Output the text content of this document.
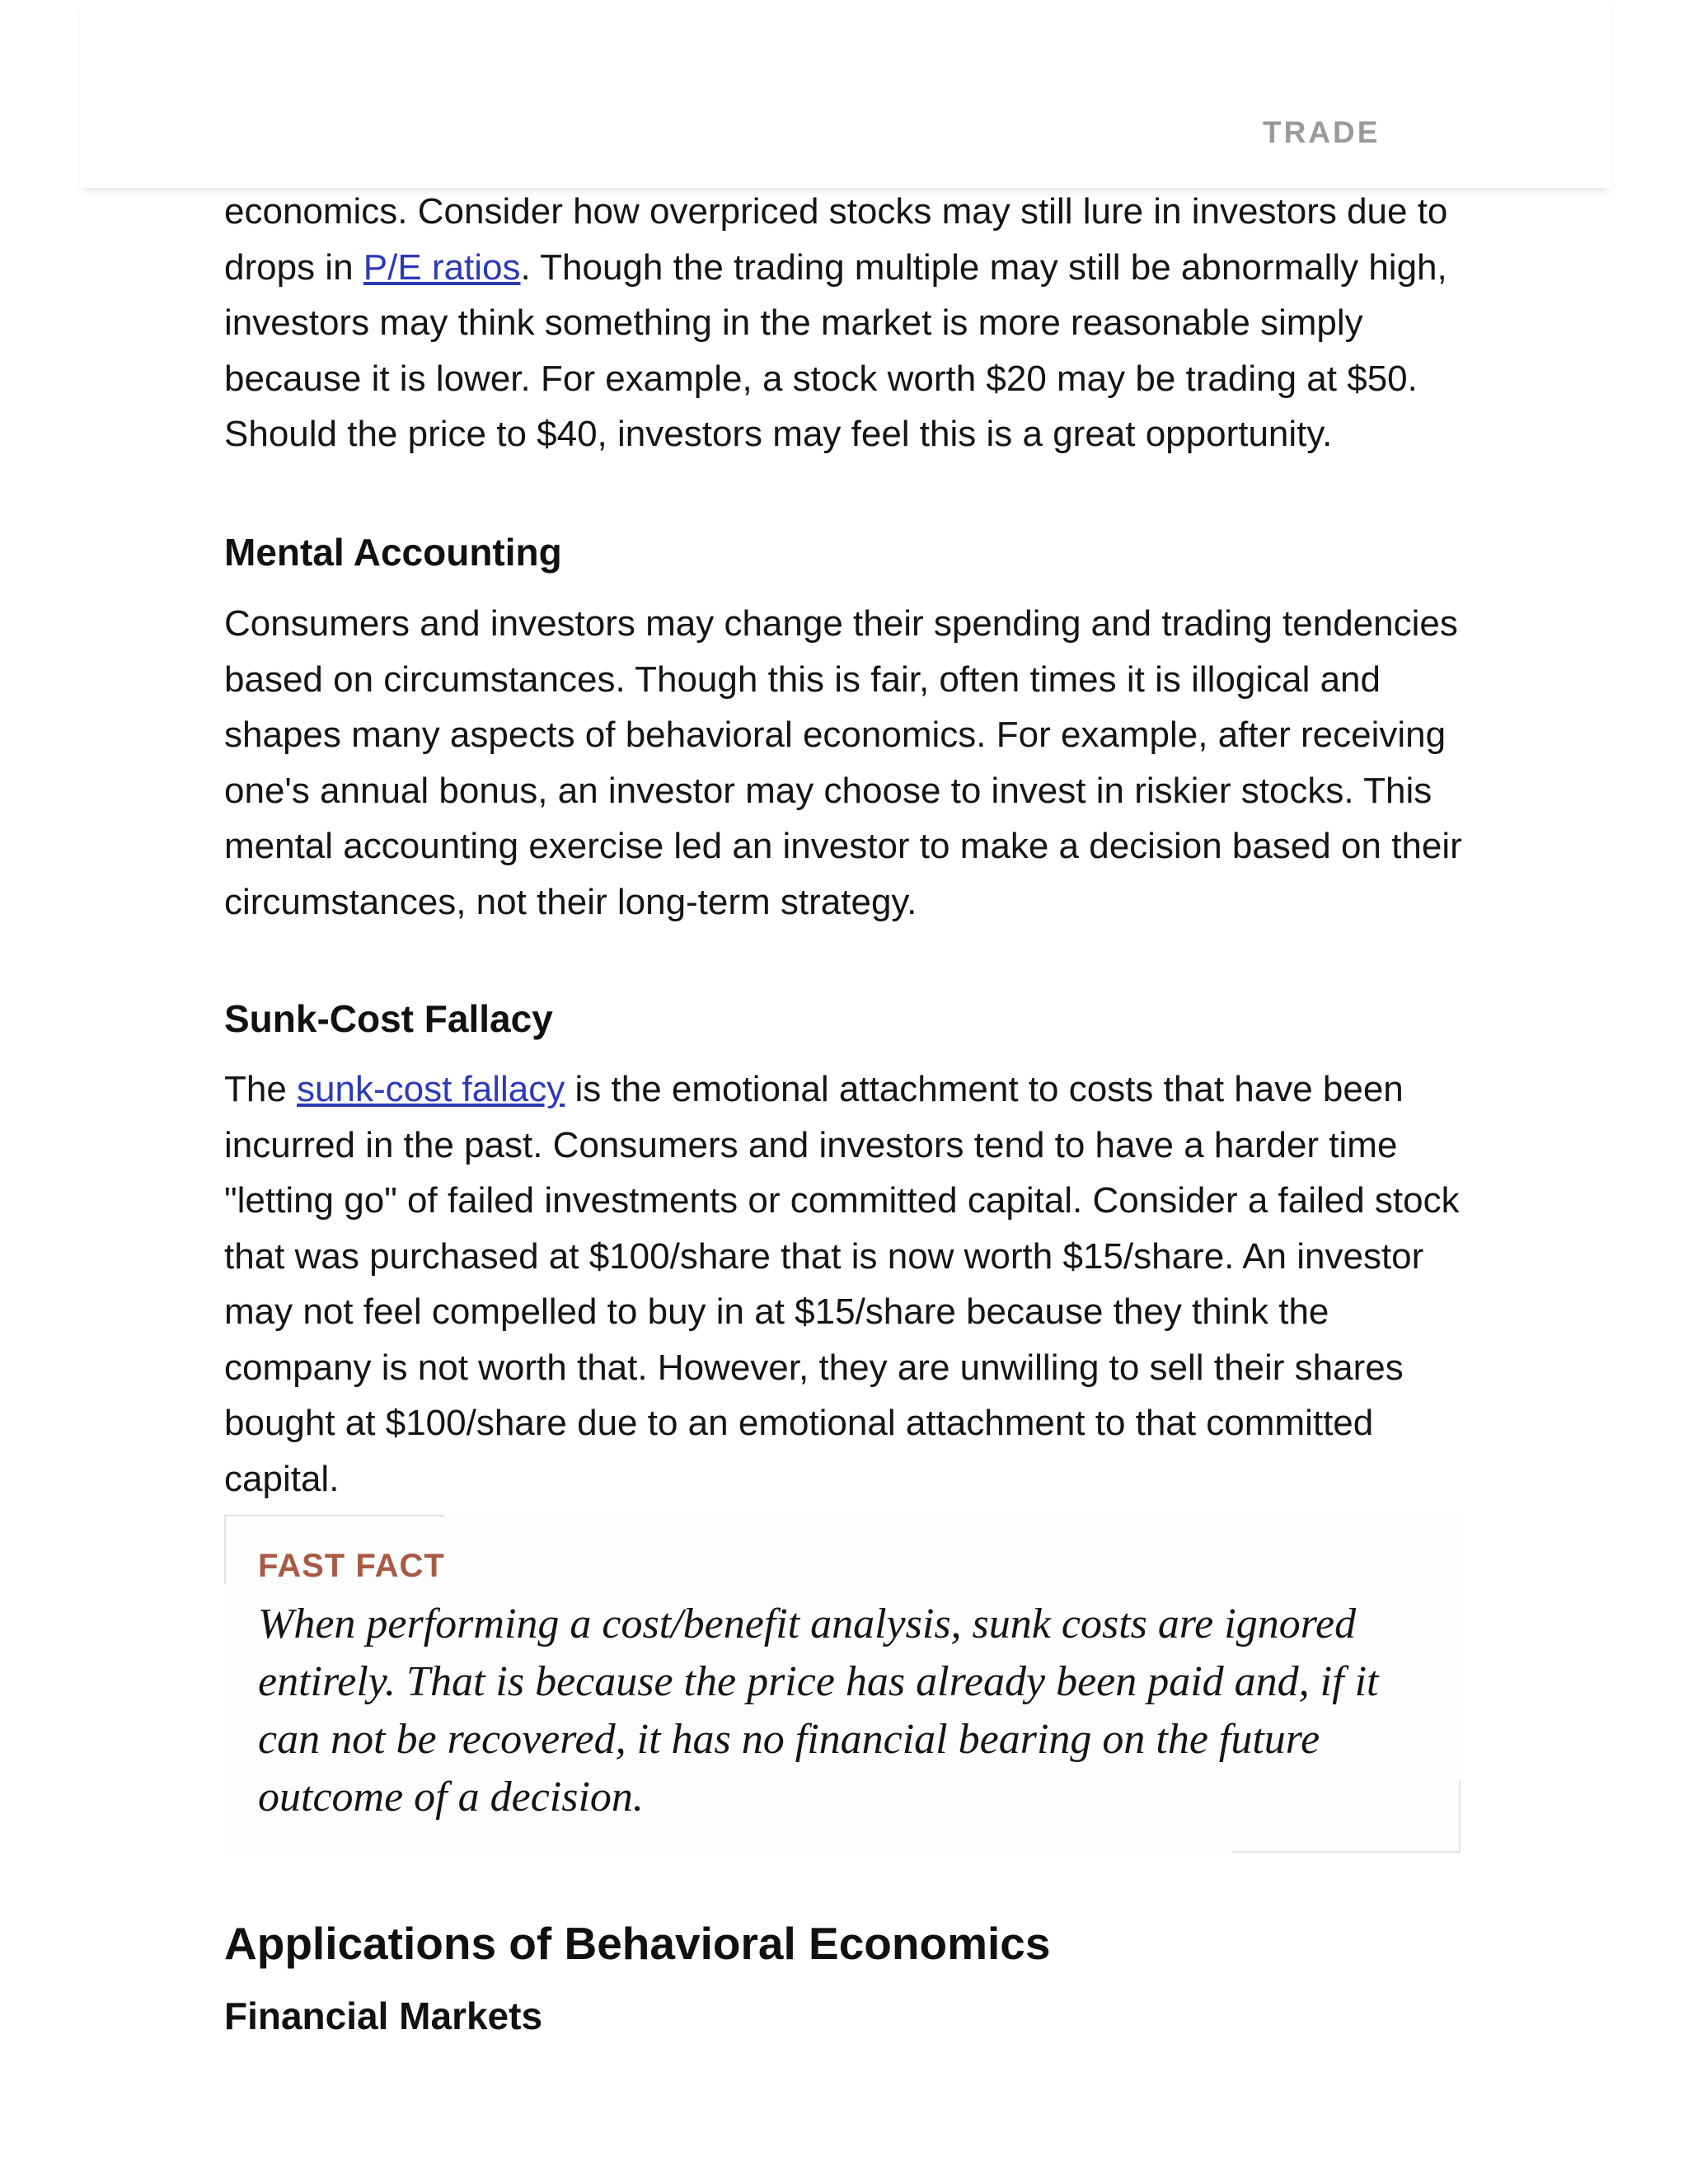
TRADE

economics. Consider how overpriced stocks may still lure in investors due to drops in P/E ratios. Though the trading multiple may still be abnormally high, investors may think something in the market is more reasonable simply because it is lower. For example, a stock worth $20 may be trading at $50. Should the price to $40, investors may feel this is a great opportunity.

Mental Accounting

Consumers and investors may change their spending and trading tendencies based on circumstances. Though this is fair, often times it is illogical and shapes many aspects of behavioral economics. For example, after receiving one's annual bonus, an investor may choose to invest in riskier stocks. This mental accounting exercise led an investor to make a decision based on their circumstances, not their long-term strategy.

Sunk-Cost Fallacy

The sunk-cost fallacy is the emotional attachment to costs that have been incurred in the past. Consumers and investors tend to have a harder time "letting go" of failed investments or committed capital. Consider a failed stock that was purchased at $100/share that is now worth $15/share. An investor may not feel compelled to buy in at $15/share because they think the company is not worth that. However, they are unwilling to sell their shares bought at $100/share due to an emotional attachment to that committed capital.

Applications of Behavioral Economics
Financial Markets
FAST FACT

When performing a cost/benefit analysis, sunk costs are ignored entirely. That is because the price has already been paid and, if it can not be recovered, it has no financial bearing on the future outcome of a decision.
